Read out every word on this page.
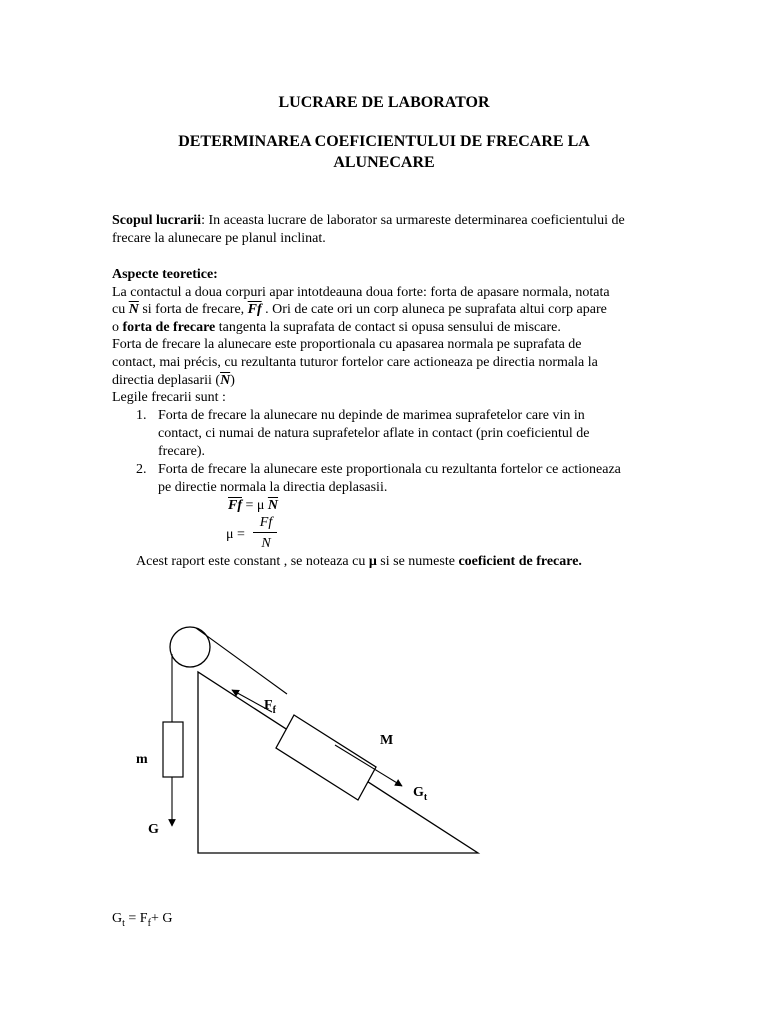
LUCRARE DE LABORATOR
DETERMINAREA COEFICIENTULUI DE FRECARE LA
ALUNECARE
Scopul lucrarii: In aceasta lucrare de laborator sa urmareste determinarea coeficientului de
frecare la alunecare pe planul inclinat.
Aspecte teoretice:
La contactul a doua corpuri apar intotdeauna doua forte: forta de apasare normala, notata
cu $\overline{N}$ si forta de frecare, $\overline{Ff}$ . Ori de cate ori un corp aluneca pe suprafata altui corp apare
o forta de frecare tangenta la suprafata de contact si opusa sensului de miscare.
Forta de frecare la alunecare este proportionala cu apasarea normala pe suprafata de
contact, mai précis, cu rezultanta tuturor fortelor care actioneaza pe directia normala la
directia deplasarii $(\overline{N})$
Legile frecarii sunt :
1. Forta de frecare la alunecare nu depinde de marimea suprafetelor care vin in
contact, ci numai de natura suprafetelor aflate in contact (prin coeficientul de
frecare).
2. Forta de frecare la alunecare este proportionala cu rezultanta fortelor ce actioneaza
pe directie normala la directia deplasasii.
$\overline{Ff} = \mu$ $\overline{N}$
μ =
Ff
N
Acest raport este constant , se noteaza cu μ si se numeste coeficient de frecare.
$F_f$
M
$G_t$
m
G
$G_t = F_f+ G$
